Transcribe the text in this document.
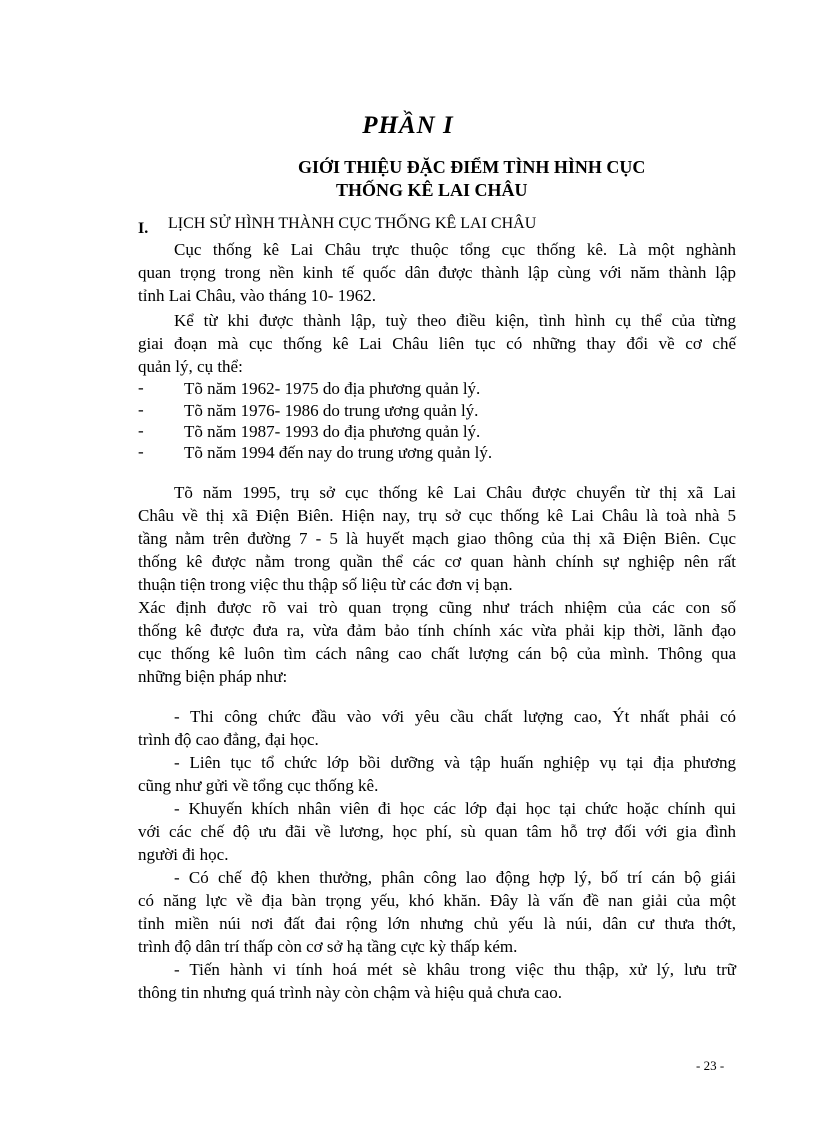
PHẦN I
GIỚI THIỆU ĐẶC ĐIỂM TÌNH HÌNH CỤC
THỐNG KÊ LAI CHÂU
I. LỊCH SỬ HÌNH THÀNH CỤC THỐNG KÊ LAI CHÂU
Cục thống kê Lai Châu trực thuộc tổng cục thống kê. Là một nghành
quan trọng trong nền kinh tế quốc dân được thành lập cùng với năm thành lập
tỉnh Lai Châu, vào tháng 10- 1962.
Kể từ khi được thành lập, tuỳ theo điều kiện, tình hình cụ thể của từng
giai đoạn mà cục thống kê Lai Châu liên tục có những thay đổi về cơ chế
quản lý, cụ thể:
- Tõ năm 1962- 1975 do địa phương quản lý.
- Tõ năm 1976- 1986 do trung ương quản lý.
- Tõ năm 1987- 1993 do địa phương quản lý.
- Tõ năm 1994 đến nay do trung ương quản lý.
Tõ năm 1995, trụ sở cục thống kê Lai Châu được chuyển từ thị xã Lai
Châu về thị xã Điện Biên. Hiện nay, trụ sở cục thống kê Lai Châu là toà nhà 5
tầng nằm trên đường 7 - 5 là huyết mạch giao thông của thị xã Điện Biên. Cục
thống kê được nằm trong quần thể các cơ quan hành chính sự nghiệp nên rất
thuận tiện trong việc thu thập số liệu từ các đơn vị bạn.
Xác định được rõ vai trò quan trọng cũng như trách nhiệm của các con số
thống kê được đưa ra, vừa đảm bảo tính chính xác vừa phải kịp thời, lãnh đạo
cục thống kê luôn tìm cách nâng cao chất lượng cán bộ của mình. Thông qua
những biện pháp như:
- Thi công chức đầu vào với yêu cầu chất lượng cao, Ýt nhất phải có
trình độ cao đẳng, đại học.
- Liên tục tổ chức lớp bồi dưỡng và tập huấn nghiệp vụ tại địa phương
cũng như gửi về tổng cục thống kê.
- Khuyến khích nhân viên đi học các lớp đại học tại chức hoặc chính qui
với các chế độ ưu đãi về lương, học phí, sù quan tâm hỗ trợ đối với gia đình
người đi học.
- Có chế độ khen thưởng, phân công lao động hợp lý, bố trí cán bộ giái
có năng lực về địa bàn trọng yếu, khó khăn. Đây là vấn đề nan giải của một
tỉnh miền núi nơi đất đai rộng lớn nhưng chủ yếu là núi, dân cư thưa thớt,
trình độ dân trí thấp còn cơ sở hạ tầng cực kỳ thấp kém.
- Tiến hành vi tính hoá mét sè khâu trong việc thu thập, xử lý, lưu trữ
thông tin nhưng quá trình này còn chậm và hiệu quả chưa cao.
- 23 -
